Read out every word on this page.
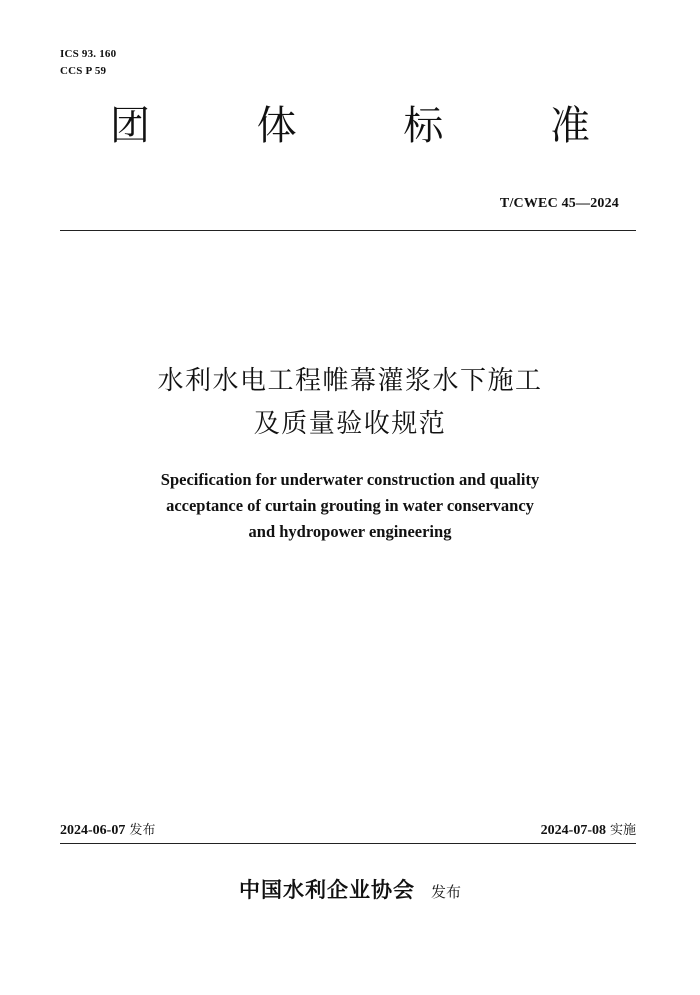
ICS 93. 160
CCS P 59
团	体	标	准
T/CWEC 45—2024
水利水电工程帷幕灌浆水下施工
及质量验收规范
Specification for underwater construction and quality
acceptance of curtain grouting in water conservancy
and hydropower engineering
2024-06-07 发布	2024-07-08 实施
中国水利企业协会 发布
